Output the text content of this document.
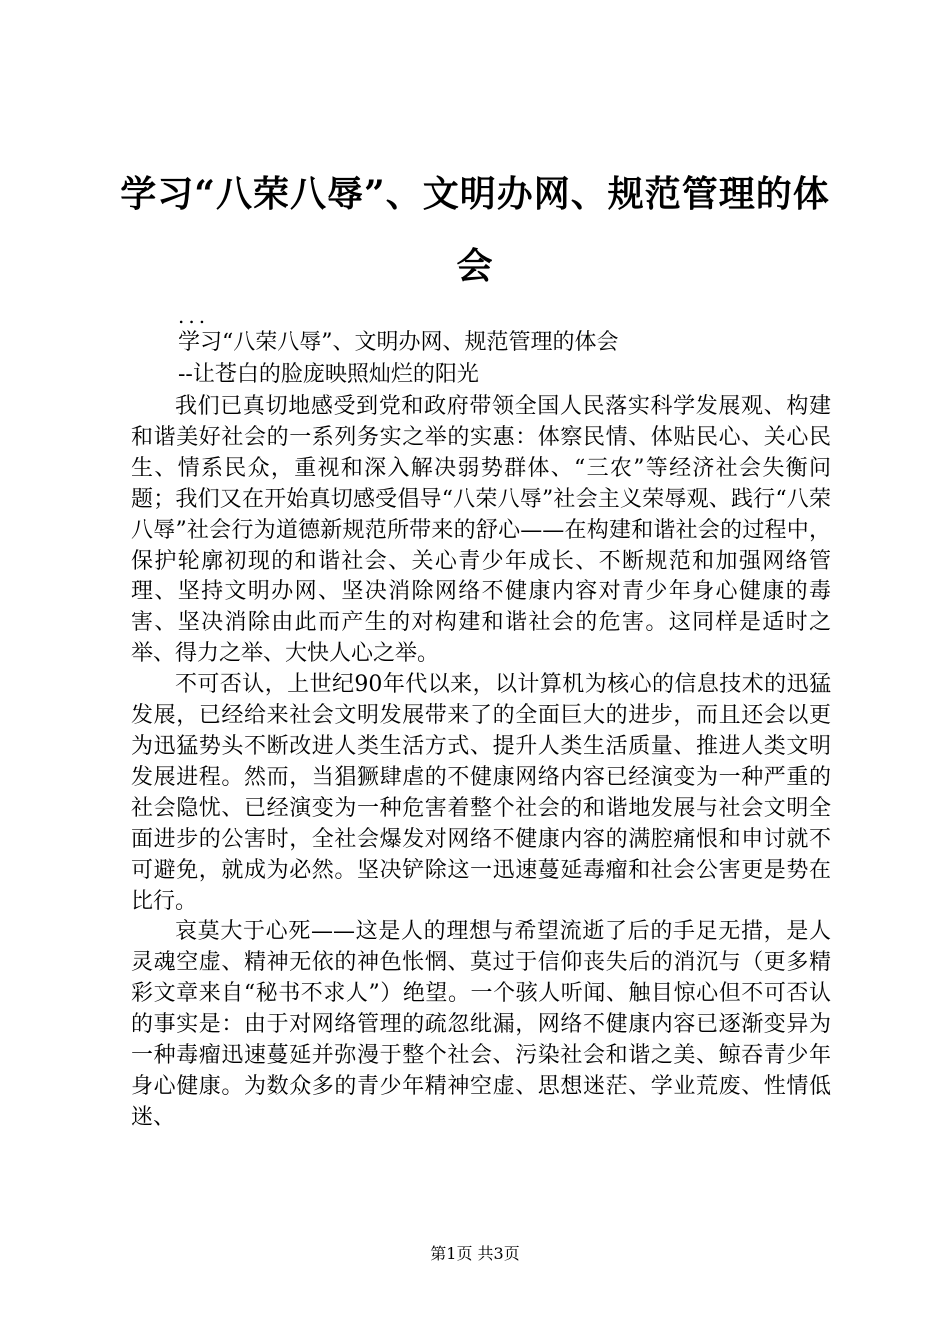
学习“八荣八辱”、文明办网、规范管理的体会
...
学习“八荣八辱”、文明办网、规范管理的体会
--让苍白的脸庞映照灿烂的阳光

我们已真切地感受到党和政府带领全国人民落实科学发展观、构建和谐美好社会的一系列务实之举的实惠：体察民情、体贴民心、关心民生、情系民众，重视和深入解决弱势群体、“三农”等经济社会失衡问题；我们又在开始真切感受倡导“八荣八辱”社会主义荣辱观、践行“八荣八辱”社会行为道德新规范所带来的舒心——在构建和谐社会的过程中，保护轮廓初现的和谐社会、关心青少年成长、不断规范和加强网络管理、坚持文明办网、坚决消除网络不健康内容对青少年身心健康的毒害、坚决消除由此而产生的对构建和谐社会的危害。这同样是适时之举、得力之举、大快人心之举。

不可否认，上世纪90年代以来，以计算机为核心的信息技术的迅猛发展，已经给来社会文明发展带来了的全面巨大的进步，而且还会以更为迅猛势头不断改进人类生活方式、提升人类生活质量、推进人类文明发展进程。然而，当猖獗肆虐的不健康网络内容已经演变为一种严重的社会隐忧、已经演变为一种危害着整个社会的和谐地发展与社会文明全面进步的公害时，全社会爆发对网络不健康内容的满腔痛恨和申讨就不可避免，就成为必然。坚决铲除这一迅速蔓延毒瘤和社会公害更是势在比行。

哀莫大于心死——这是人的理想与希望流逝了后的手足无措，是人灵魂空虚、精神无依的神色怅惘、莫过于信仰丧失后的消沉与（更多精彩文章来自“秘书不求人”）绝望。一个骇人听闻、触目惊心但不可否认的事实是：由于对网络管理的疏忽纰漏，网络不健康内容已逐渐变异为一种毒瘤迅速蔓延并弥漫于整个社会、污染社会和谐之美、鲸吞青少年身心健康。为数众多的青少年精神空虚、思想迷茫、学业荒废、性情低迷、

第1页 共3页
